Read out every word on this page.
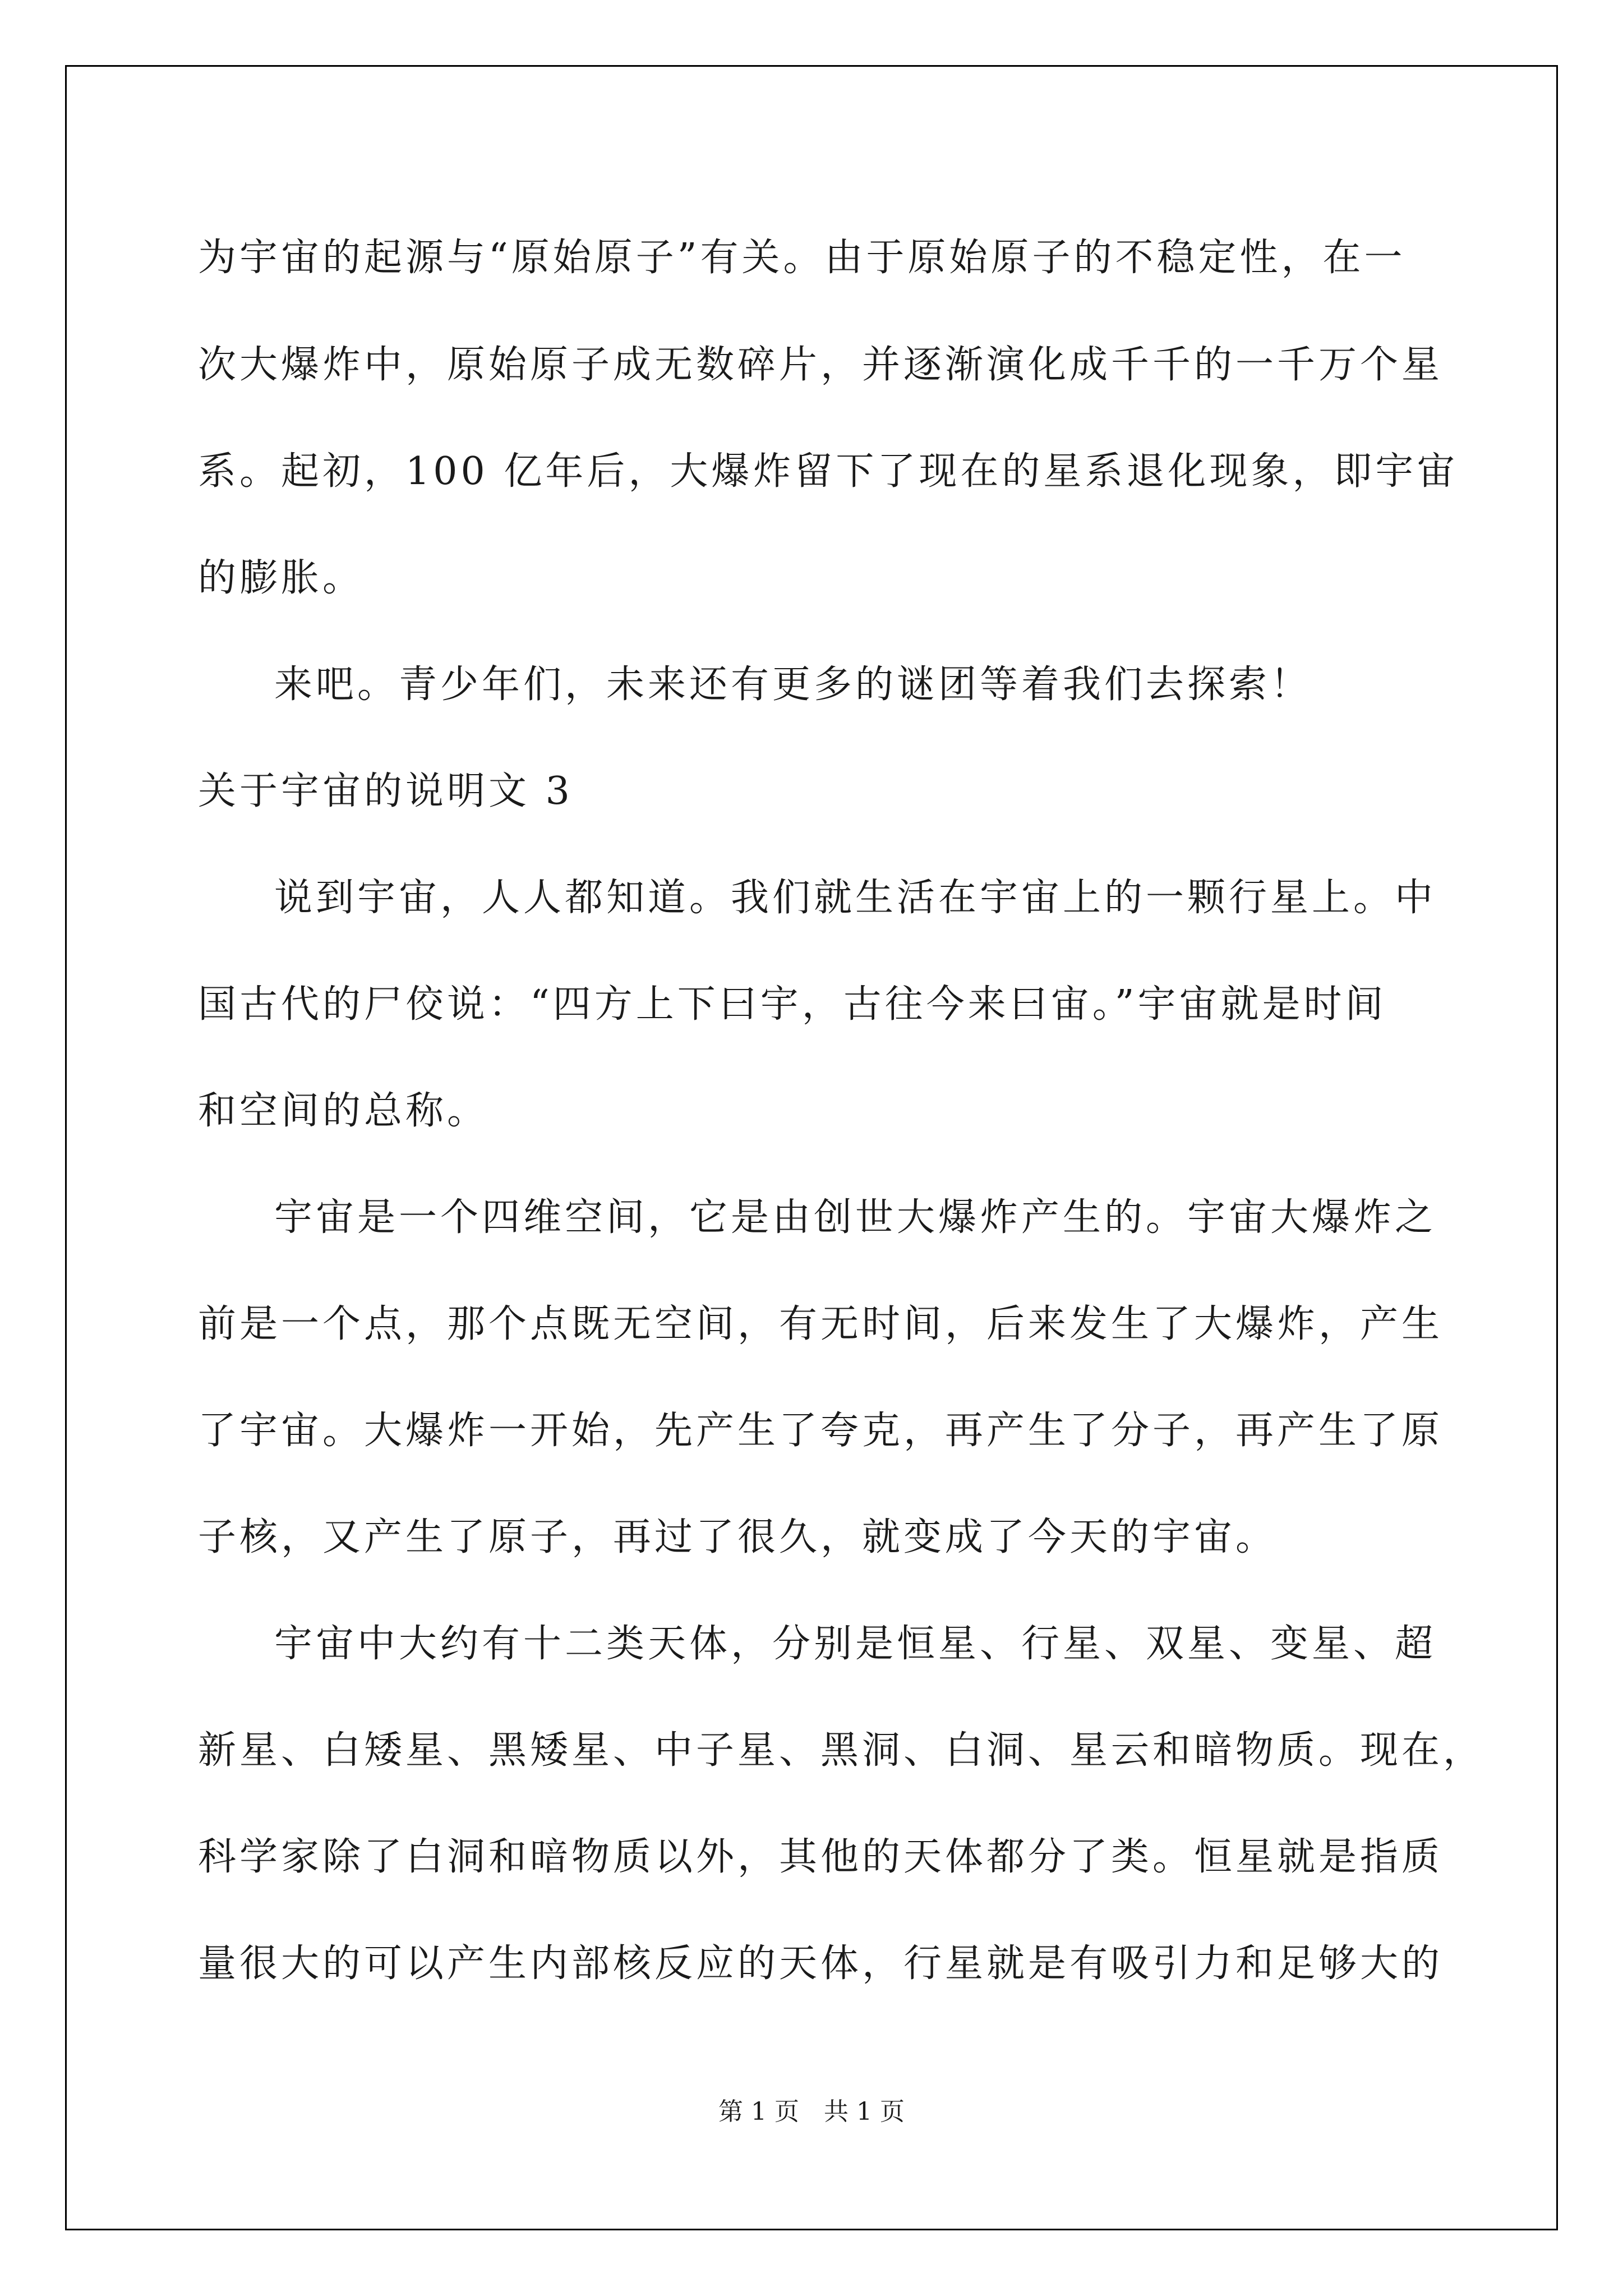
为宇宙的起源与“原始原子”有关。由于原始原子的不稳定性，在一
次大爆炸中，原始原子成无数碎片，并逐渐演化成千千的一千万个星
系。起初，100 亿年后，大爆炸留下了现在的星系退化现象，即宇宙
的膨胀。
来吧。青少年们，未来还有更多的谜团等着我们去探索！
关于宇宙的说明文 3
说到宇宙，人人都知道。我们就生活在宇宙上的一颗行星上。中
国古代的尸佼说：“四方上下曰宇，古往今来曰宙。”宇宙就是时间
和空间的总称。
宇宙是一个四维空间，它是由创世大爆炸产生的。宇宙大爆炸之
前是一个点，那个点既无空间，有无时间，后来发生了大爆炸，产生
了宇宙。大爆炸一开始，先产生了夸克，再产生了分子，再产生了原
子核，又产生了原子，再过了很久，就变成了今天的宇宙。
宇宙中大约有十二类天体，分别是恒星、行星、双星、变星、超
新星、白矮星、黑矮星、中子星、黑洞、白洞、星云和暗物质。现在，
科学家除了白洞和暗物质以外，其他的天体都分了类。恒星就是指质
量很大的可以产生内部核反应的天体，行星就是有吸引力和足够大的
第 1 页　共 1 页
